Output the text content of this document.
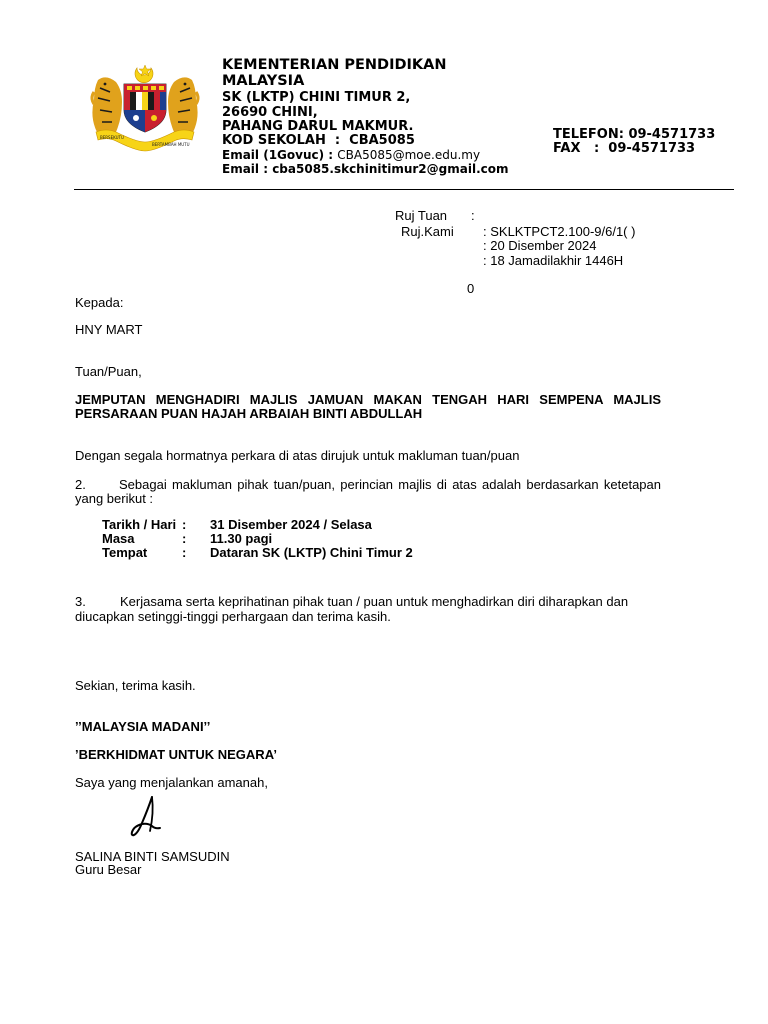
BERSEKUTU
BERTAMBAH MUTU
KEMENTERIAN PENDIDIKAN
MALAYSIA
SK (LKTP) CHINI TIMUR 2,
26690 CHINI,
PAHANG DARUL MAKMUR.
KOD SEKOLAH  :  CBA5085
Email (1Govuc) : CBA5085@moe.edu.my
Email : cba5085.skchinitimur2@gmail.com
TELEFON: 09-4571733
FAX   :  09-4571733
Ruj Tuan :
Ruj.Kami : SKLKTPCT2.100-9/6/1( )
: 20 Disember 2024
: 18 Jamadilakhir 1446H
0
Kepada:
HNY MART
Tuan/Puan,
JEMPUTAN MENGHADIRI MAJLIS JAMUAN MAKAN TENGAH HARI SEMPENA MAJLIS
PERSARAAN PUAN HAJAH ARBAIAH BINTI ABDULLAH
Dengan segala hormatnya perkara di atas dirujuk untuk makluman tuan/puan
2.	Sebagai makluman pihak tuan/puan, perincian majlis di atas adalah berdasarkan ketetapan
yang berikut :
Tarikh / Hari	:	31 Disember 2024 / Selasa
Masa	:	11.30 pagi
Tempat	:	Dataran SK (LKTP) Chini Timur 2
3.	Kerjasama serta keprihatinan pihak tuan / puan untuk menghadirkan diri diharapkan dan
diucapkan setinggi-tinggi perhargaan dan terima kasih.
Sekian, terima kasih.
’’MALAYSIA MADANI’’
’BERKHIDMAT UNTUK NEGARA’
Saya yang menjalankan amanah,
SALINA BINTI SAMSUDIN
Guru Besar
